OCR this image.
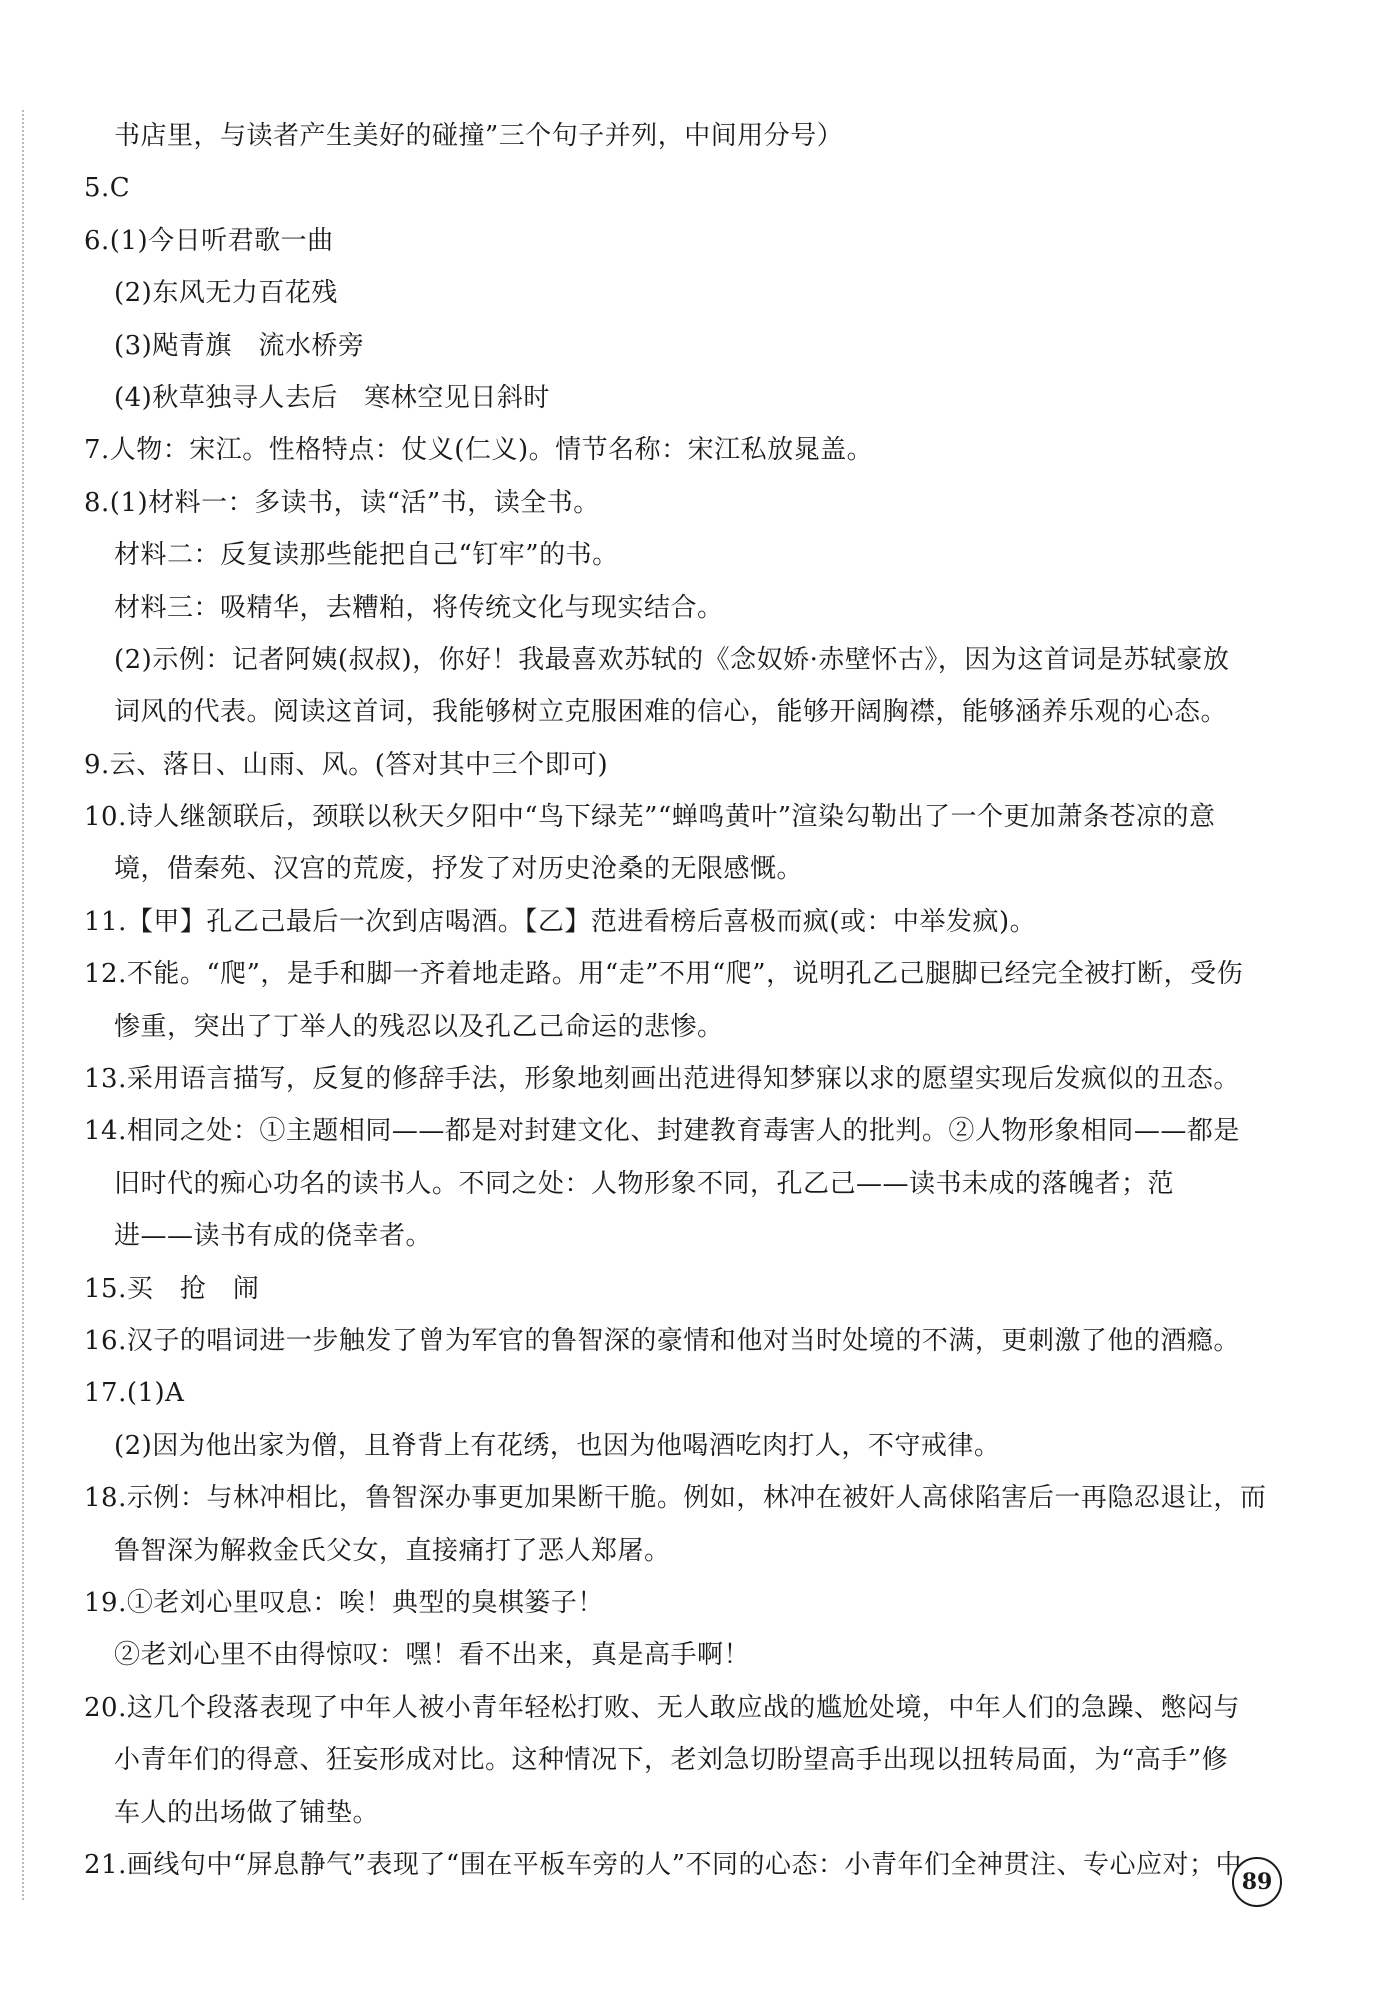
书店里，与读者产生美好的碰撞”三个句子并列，中间用分号）
5.C
6.(1)今日听君歌一曲
(2)东风无力百花残
(3)飐青旗　流水桥旁
(4)秋草独寻人去后　寒林空见日斜时
7.人物：宋江。性格特点：仗义(仁义)。情节名称：宋江私放晁盖。
8.(1)材料一：多读书，读“活”书，读全书。
材料二：反复读那些能把自己“钉牢”的书。
材料三：吸精华，去糟粕，将传统文化与现实结合。
(2)示例：记者阿姨(叔叔)，你好！我最喜欢苏轼的《念奴娇·赤壁怀古》，因为这首词是苏轼豪放
词风的代表。阅读这首词，我能够树立克服困难的信心，能够开阔胸襟，能够涵养乐观的心态。
9.云、落日、山雨、风。(答对其中三个即可)
10.诗人继颔联后，颈联以秋天夕阳中“鸟下绿芜”“蝉鸣黄叶”渲染勾勒出了一个更加萧条苍凉的意
境，借秦苑、汉宫的荒废，抒发了对历史沧桑的无限感慨。
11.【甲】孔乙己最后一次到店喝酒。【乙】范进看榜后喜极而疯(或：中举发疯)。
12.不能。“爬”，是手和脚一齐着地走路。用“走”不用“爬”，说明孔乙己腿脚已经完全被打断，受伤
惨重，突出了丁举人的残忍以及孔乙己命运的悲惨。
13.采用语言描写，反复的修辞手法，形象地刻画出范进得知梦寐以求的愿望实现后发疯似的丑态。
14.相同之处：①主题相同——都是对封建文化、封建教育毒害人的批判。②人物形象相同——都是
旧时代的痴心功名的读书人。不同之处：人物形象不同，孔乙己——读书未成的落魄者；范
进——读书有成的侥幸者。
15.买　抢　闹
16.汉子的唱词进一步触发了曾为军官的鲁智深的豪情和他对当时处境的不满，更刺激了他的酒瘾。
17.(1)A
(2)因为他出家为僧，且脊背上有花绣，也因为他喝酒吃肉打人，不守戒律。
18.示例：与林冲相比，鲁智深办事更加果断干脆。例如，林冲在被奸人高俅陷害后一再隐忍退让，而
鲁智深为解救金氏父女，直接痛打了恶人郑屠。
19.①老刘心里叹息：唉！典型的臭棋篓子！
②老刘心里不由得惊叹：嘿！看不出来，真是高手啊！
20.这几个段落表现了中年人被小青年轻松打败、无人敢应战的尴尬处境，中年人们的急躁、憋闷与
小青年们的得意、狂妄形成对比。这种情况下，老刘急切盼望高手出现以扭转局面，为“高手”修
车人的出场做了铺垫。
21.画线句中“屏息静气”表现了“围在平板车旁的人”不同的心态：小青年们全神贯注、专心应对；中
89
